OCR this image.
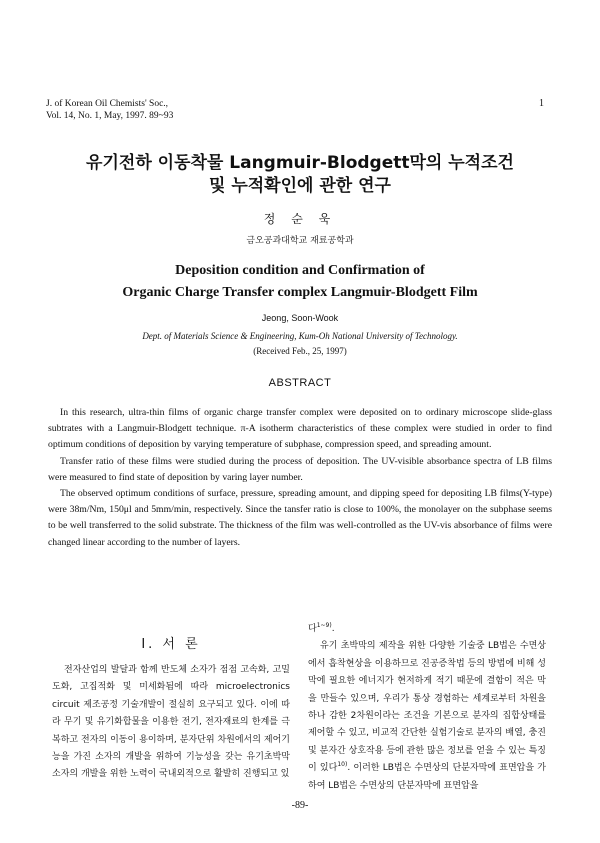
J. of Korean Oil Chemists' Soc.,
Vol. 14, No. 1, May, 1997. 89~93
1
유기전하 이동착물 Langmuir-Blodgett막의 누적조건
및 누적확인에 관한 연구
정 순 욱
금오공과대학교 재료공학과
Deposition condition and Confirmation of
Organic Charge Transfer complex Langmuir-Blodgett Film
Jeong, Soon-Wook
Dept. of Materials Science & Engineering, Kum-Oh National University of Technology.
(Received Feb., 25, 1997)
ABSTRACT

In this research, ultra-thin films of organic charge transfer complex were deposited on to ordinary microscope slide-glass subtrates with a Langmuir-Blodgett technique. π-A isotherm characteristics of these complex were studied in order to find optimum conditions of deposition by varying temperature of subphase, compression speed, and spreading amount.

Transfer ratio of these films were studied during the process of deposition. The UV-visible absorbance spectra of LB films were measured to find state of deposition by varing layer number.

The observed optimum conditions of surface, pressure, spreading amount, and dipping speed for depositing LB films(Y-type) were 38m/Nm, 150μl and 5mm/min, respectively. Since the tansfer ratio is close to 100%, the monolayer on the subphase seems to be well transferred to the solid substrate. The thickness of the film was well-controlled as the UV-vis absorbance of films were changed linear according to the number of layers.

I. 서 론

전자산업의 발달과 함께 반도체 소자가 점점 고속화, 고밀도화, 고집적화 및 미세화됨에 따라 microelectronics circuit 제조공정 기술개발이 절실히 요구되고 있다. 이에 따라 무기 및 유기화합물을 이용한 전기, 전자재료의 한계를 극복하고 전자의 이동이 용이하며, 분자단위 차원에서의 제어기능을 가진 소자의 개발을 위하여 기능성을 갖는 유기초박막 소자의 개발을 위한 노력이 국내외적으로 활발히 진행되고 있

다$^{1\sim 9)}$.

유기 초박막의 제작을 위한 다양한 기술중 LB법은 수면상에서 흡착현상을 이용하므로 진공증착법 등의 방법에 비해 성막에 필요한 에너지가 현저하게 적기 때문에 결함이 적은 막을 만들수 있으며, 우리가 통상 경험하는 세계로부터 차원을 하나 감한 2차원이라는 조건을 기본으로 분자의 집합상태를 제어할 수 있고, 비교적 간단한 실험기술로 분자의 배열, 충진 및 분자간 상호작용 등에 관한 많은 정보를 얻을 수 있는 특징이 있다$^{10)}$. 이러한 LB법은 수면상의 단분자막에 표면압을 가하여 LB법은 수면상의 단분자막에 표면압을

-89-
